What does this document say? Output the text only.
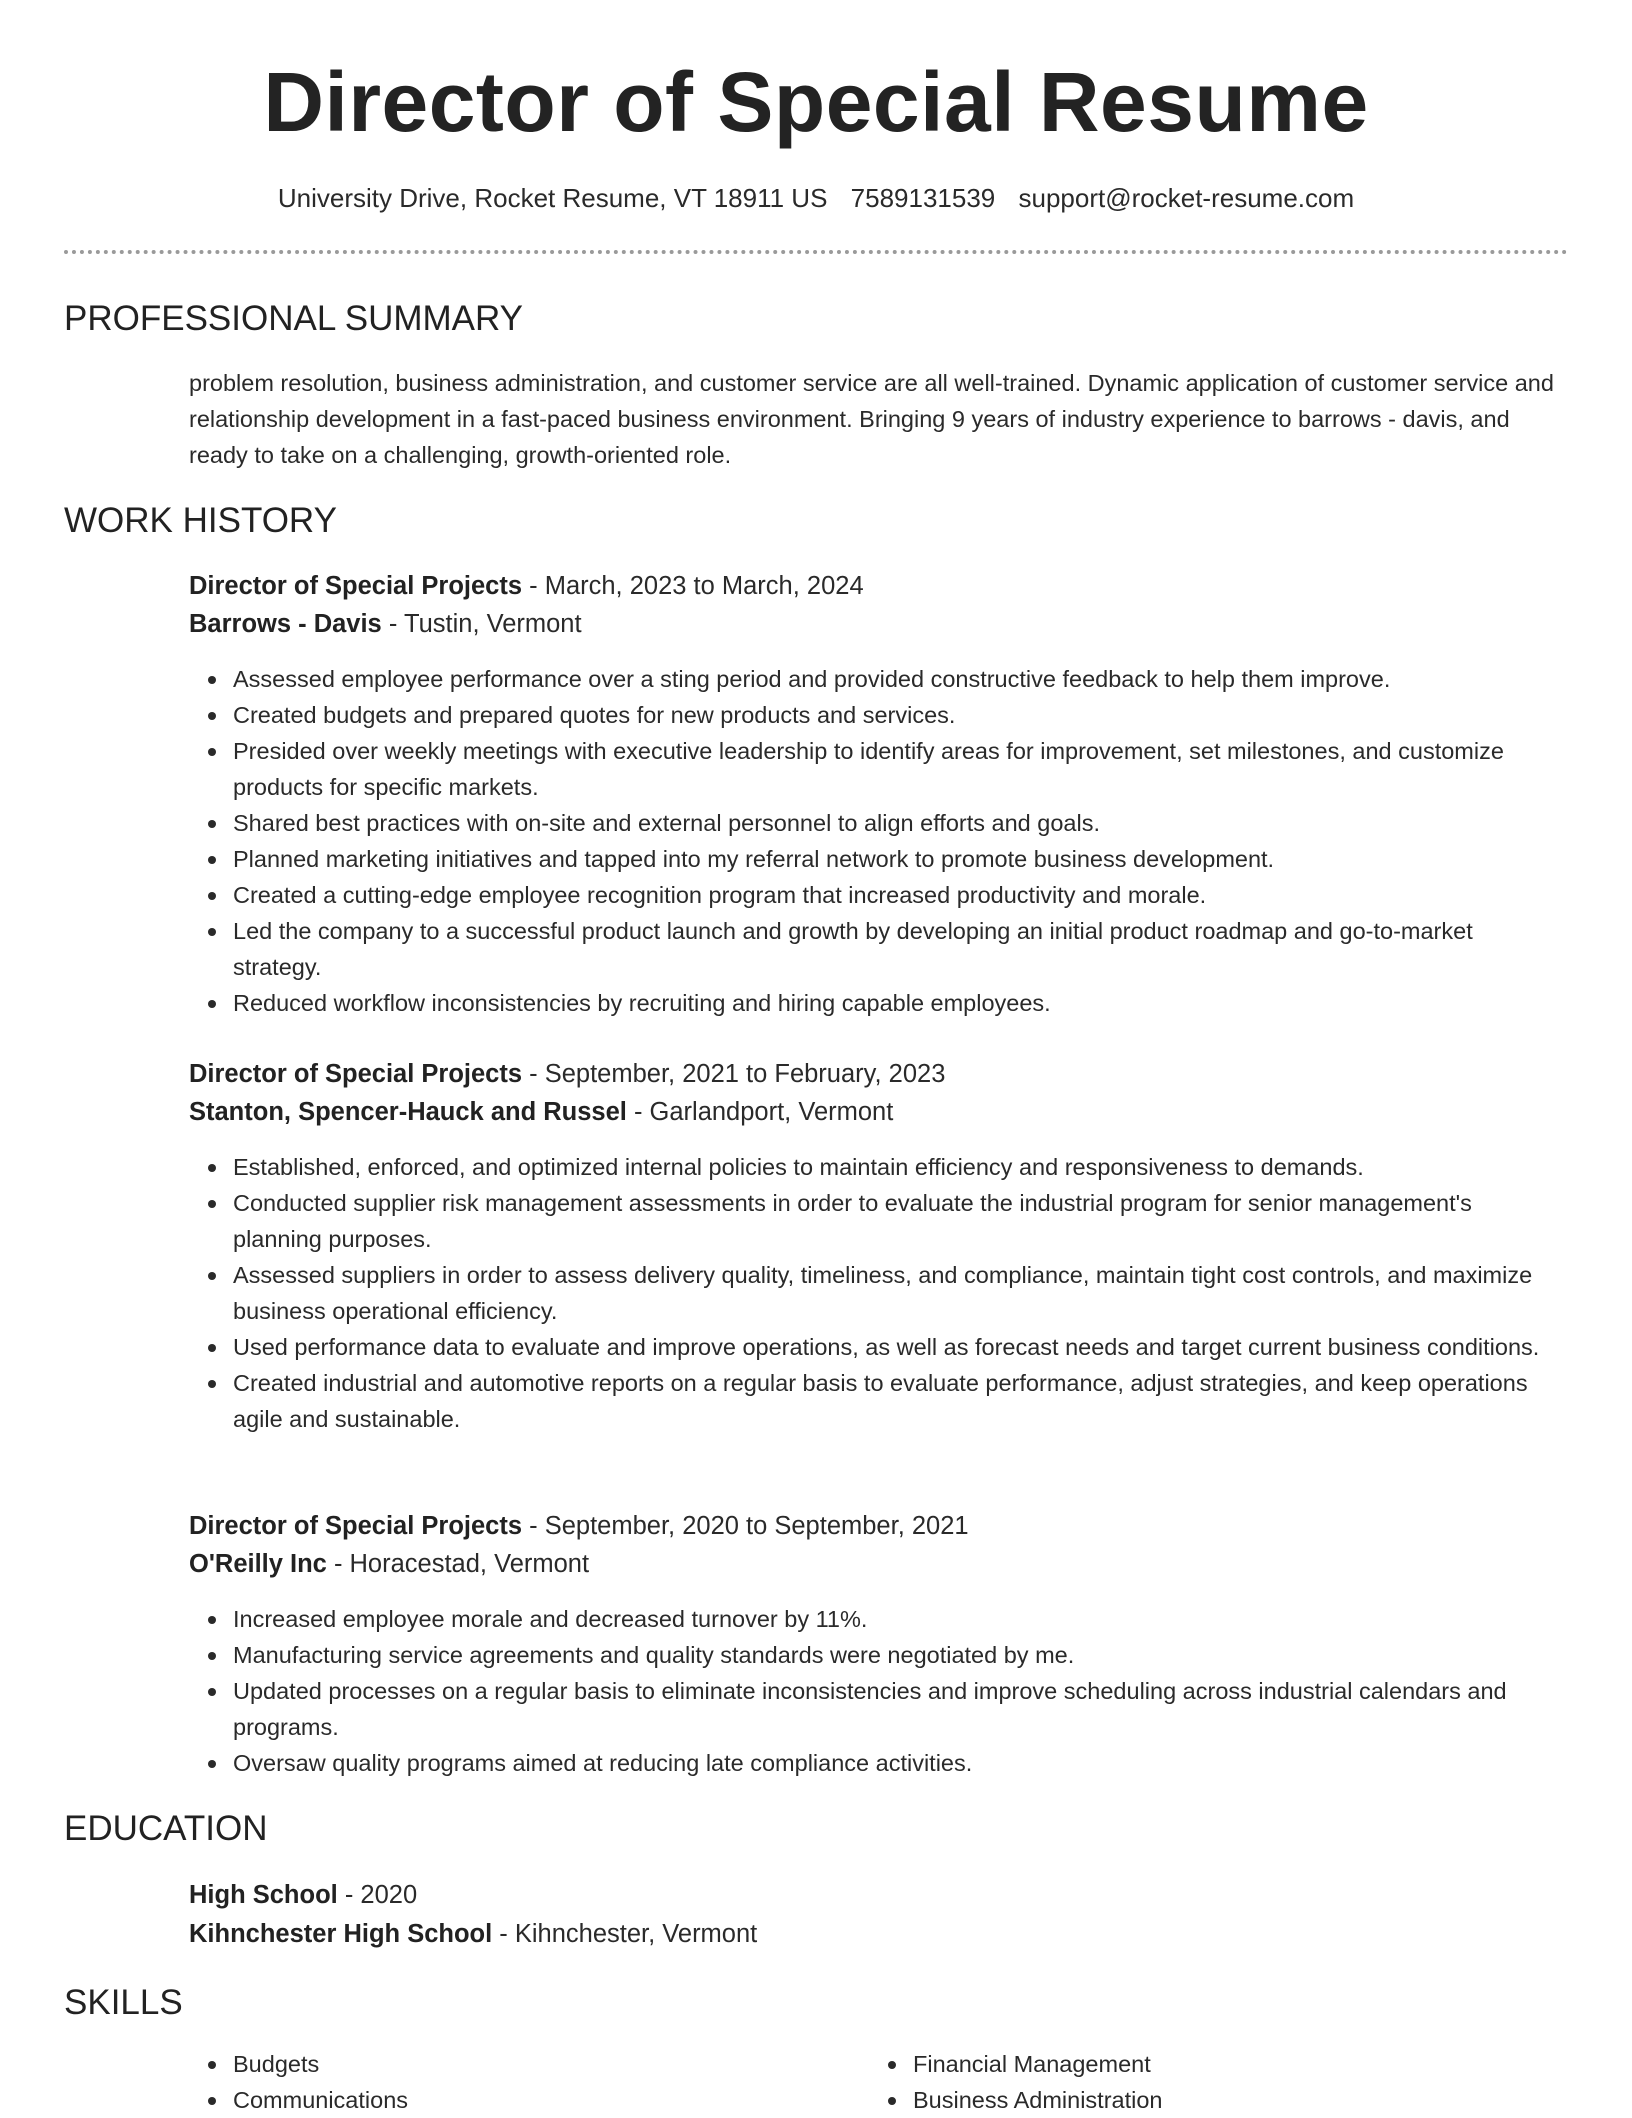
Director of Special Resume
University Drive, Rocket Resume, VT 18911 US 7589131539 support@rocket-resume.com
PROFESSIONAL SUMMARY
problem resolution, business administration, and customer service are all well-trained. Dynamic application of customer service and relationship development in a fast-paced business environment. Bringing 9 years of industry experience to barrows - davis, and ready to take on a challenging, growth-oriented role.
WORK HISTORY
Director of Special Projects - March, 2023 to March, 2024
Barrows - Davis - Tustin, Vermont
Assessed employee performance over a sting period and provided constructive feedback to help them improve.
Created budgets and prepared quotes for new products and services.
Presided over weekly meetings with executive leadership to identify areas for improvement, set milestones, and customize products for specific markets.
Shared best practices with on-site and external personnel to align efforts and goals.
Planned marketing initiatives and tapped into my referral network to promote business development.
Created a cutting-edge employee recognition program that increased productivity and morale.
Led the company to a successful product launch and growth by developing an initial product roadmap and go-to-market strategy.
Reduced workflow inconsistencies by recruiting and hiring capable employees.
Director of Special Projects - September, 2021 to February, 2023
Stanton, Spencer-Hauck and Russel - Garlandport, Vermont
Established, enforced, and optimized internal policies to maintain efficiency and responsiveness to demands.
Conducted supplier risk management assessments in order to evaluate the industrial program for senior management's planning purposes.
Assessed suppliers in order to assess delivery quality, timeliness, and compliance, maintain tight cost controls, and maximize business operational efficiency.
Used performance data to evaluate and improve operations, as well as forecast needs and target current business conditions.
Created industrial and automotive reports on a regular basis to evaluate performance, adjust strategies, and keep operations agile and sustainable.
Director of Special Projects - September, 2020 to September, 2021
O'Reilly Inc - Horacestad, Vermont
Increased employee morale and decreased turnover by 11%.
Manufacturing service agreements and quality standards were negotiated by me.
Updated processes on a regular basis to eliminate inconsistencies and improve scheduling across industrial calendars and programs.
Oversaw quality programs aimed at reducing late compliance activities.
EDUCATION
High School - 2020
Kihnchester High School - Kihnchester, Vermont
SKILLS
Budgets
Communications
Financial Management
Business Administration
